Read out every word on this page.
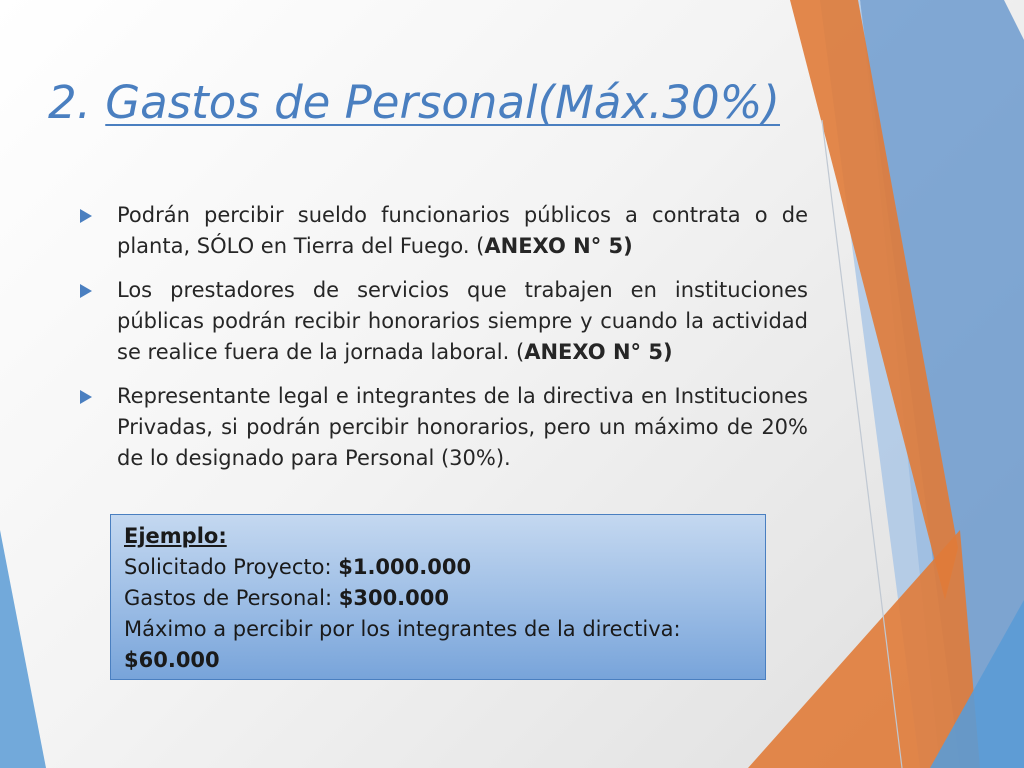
2. Gastos de Personal(Máx.30%)
Podrán percibir sueldo funcionarios públicos a contrata o de planta, SÓLO en Tierra del Fuego. (ANEXO N° 5)
Los prestadores de servicios que trabajen en instituciones públicas podrán recibir honorarios siempre y cuando la actividad se realice fuera de la jornada laboral. (ANEXO N° 5)
Representante legal e integrantes de la directiva en Instituciones Privadas, si podrán percibir honorarios, pero un máximo de 20% de lo designado para Personal (30%).
Ejemplo:
Solicitado Proyecto: $1.000.000
Gastos de Personal: $300.000
Máximo a percibir por los integrantes de la directiva:
$60.000
